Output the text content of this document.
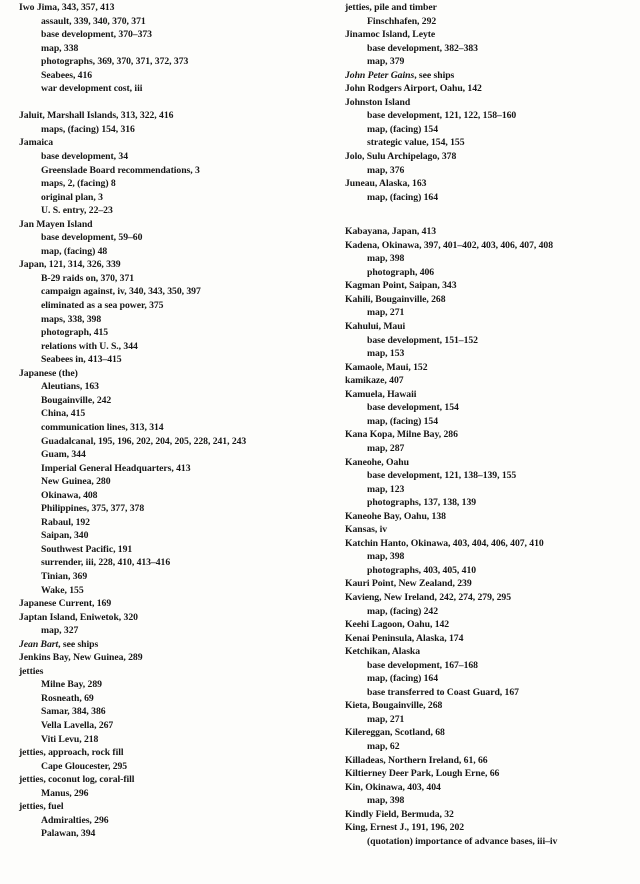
Iwo Jima, 343, 357, 413
assault, 339, 340, 370, 371
base development, 370–373
map, 338
photographs, 369, 370, 371, 372, 373
Seabees, 416
war development cost, iii
Jaluit, Marshall Islands, 313, 322, 416
maps, (facing) 154, 316
Jamaica
base development, 34
Greenslade Board recommendations, 3
maps, 2, (facing) 8
original plan, 3
U. S. entry, 22–23
Jan Mayen Island
base development, 59–60
map, (facing) 48
Japan, 121, 314, 326, 339
B-29 raids on, 370, 371
campaign against, iv, 340, 343, 350, 397
eliminated as a sea power, 375
maps, 338, 398
photograph, 415
relations with U. S., 344
Seabees in, 413–415
Japanese (the)
Aleutians, 163
Bougainville, 242
China, 415
communication lines, 313, 314
Guadalcanal, 195, 196, 202, 204, 205, 228, 241, 243
Guam, 344
Imperial General Headquarters, 413
New Guinea, 280
Okinawa, 408
Philippines, 375, 377, 378
Rabaul, 192
Saipan, 340
Southwest Pacific, 191
surrender, iii, 228, 410, 413–416
Tinian, 369
Wake, 155
Japanese Current, 169
Japtan Island, Eniwetok, 320
map, 327
Jean Bart, see ships
Jenkins Bay, New Guinea, 289
jetties
Milne Bay, 289
Rosneath, 69
Samar, 384, 386
Vella Lavella, 267
Viti Levu, 218
jetties, approach, rock fill
Cape Gloucester, 295
jetties, coconut log, coral-fill
Manus, 296
jetties, fuel
Admiralties, 296
Palawan, 394
jetties, pile and timber
Finschhafen, 292
Jinamoc Island, Leyte
base development, 382–383
map, 379
John Peter Gains, see ships
John Rodgers Airport, Oahu, 142
Johnston Island
base development, 121, 122, 158–160
map, (facing) 154
strategic value, 154, 155
Jolo, Sulu Archipelago, 378
map, 376
Juneau, Alaska, 163
map, (facing) 164
Kabayana, Japan, 413
Kadena, Okinawa, 397, 401–402, 403, 406, 407, 408
map, 398
photograph, 406
Kagman Point, Saipan, 343
Kahili, Bougainville, 268
map, 271
Kahului, Maui
base development, 151–152
map, 153
Kamaole, Maui, 152
kamikaze, 407
Kamuela, Hawaii
base development, 154
map, (facing) 154
Kana Kopa, Milne Bay, 286
map, 287
Kaneohe, Oahu
base development, 121, 138–139, 155
map, 123
photographs, 137, 138, 139
Kaneohe Bay, Oahu, 138
Kansas, iv
Katchin Hanto, Okinawa, 403, 404, 406, 407, 410
map, 398
photographs, 403, 405, 410
Kauri Point, New Zealand, 239
Kavieng, New Ireland, 242, 274, 279, 295
map, (facing) 242
Keehi Lagoon, Oahu, 142
Kenai Peninsula, Alaska, 174
Ketchikan, Alaska
base development, 167–168
map, (facing) 164
base transferred to Coast Guard, 167
Kieta, Bougainville, 268
map, 271
Kilereggan, Scotland, 68
map, 62
Killadeas, Northern Ireland, 61, 66
Kiltierney Deer Park, Lough Erne, 66
Kin, Okinawa, 403, 404
map, 398
Kindly Field, Bermuda, 32
King, Ernest J., 191, 196, 202
(quotation) importance of advance bases, iii–iv
